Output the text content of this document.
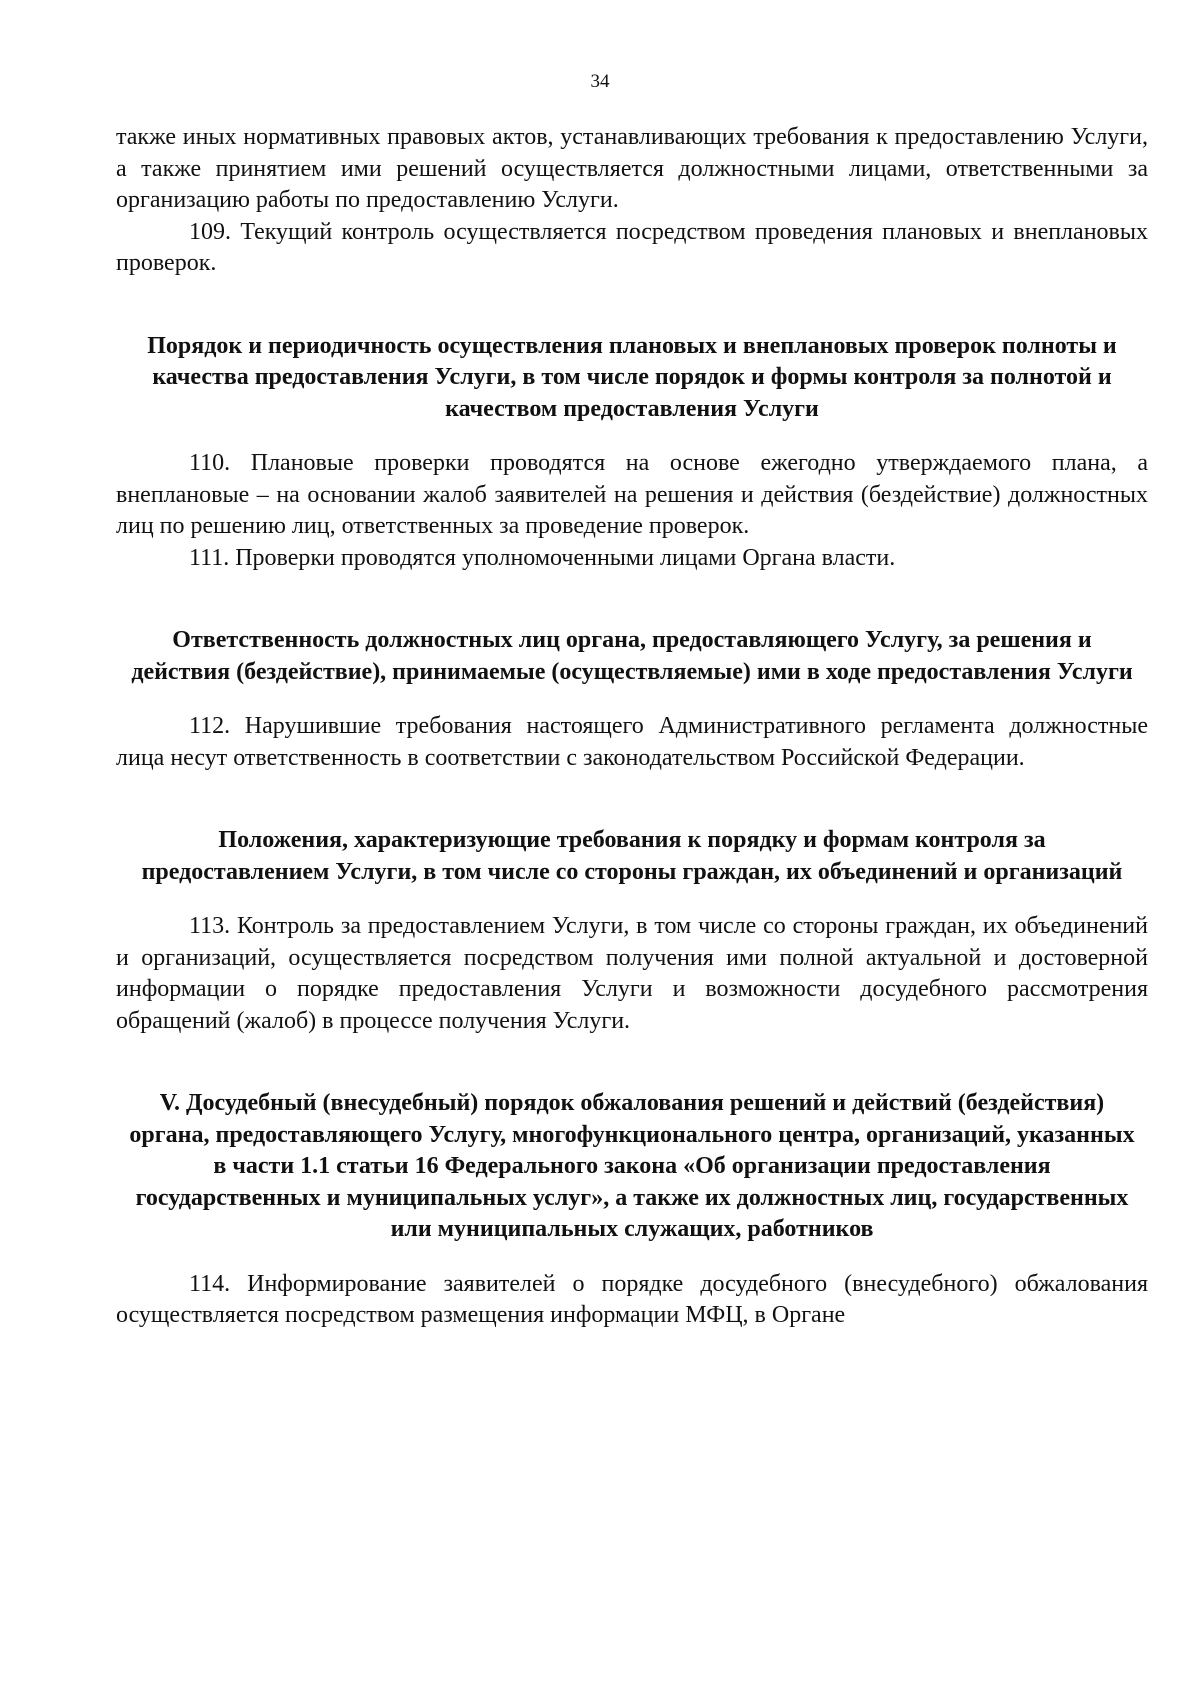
34

также иных нормативных правовых актов, устанавливающих требования к предоставлению Услуги, а также принятием ими решений осуществляется должностными лицами, ответственными за организацию работы по предоставлению Услуги.

109. Текущий контроль осуществляется посредством проведения плановых и внеплановых проверок.

Порядок и периодичность осуществления плановых и внеплановых проверок полноты и качества предоставления Услуги, в том числе порядок и формы контроля за полнотой и качеством предоставления Услуги

110. Плановые проверки проводятся на основе ежегодно утверждаемого плана, а внеплановые – на основании жалоб заявителей на решения и действия (бездействие) должностных лиц по решению лиц, ответственных за проведение проверок.

111. Проверки проводятся уполномоченными лицами Органа власти.

Ответственность должностных лиц органа, предоставляющего Услугу, за решения и действия (бездействие), принимаемые (осуществляемые) ими в ходе предоставления Услуги

112. Нарушившие требования настоящего Административного регламента должностные лица несут ответственность в соответствии с законодательством Российской Федерации.

Положения, характеризующие требования к порядку и формам контроля за предоставлением Услуги, в том числе со стороны граждан, их объединений и организаций

113. Контроль за предоставлением Услуги, в том числе со стороны граждан, их объединений и организаций, осуществляется посредством получения ими полной актуальной и достоверной информации о порядке предоставления Услуги и возможности досудебного рассмотрения обращений (жалоб) в процессе получения Услуги.

V. Досудебный (внесудебный) порядок обжалования решений и действий (бездействия) органа, предоставляющего Услугу, многофункционального центра, организаций, указанных в части 1.1 статьи 16 Федерального закона «Об организации предоставления государственных и муниципальных услуг», а также их должностных лиц, государственных или муниципальных служащих, работников

114. Информирование заявителей о порядке досудебного (внесудебного) обжалования осуществляется посредством размещения информации МФЦ, в Органе
